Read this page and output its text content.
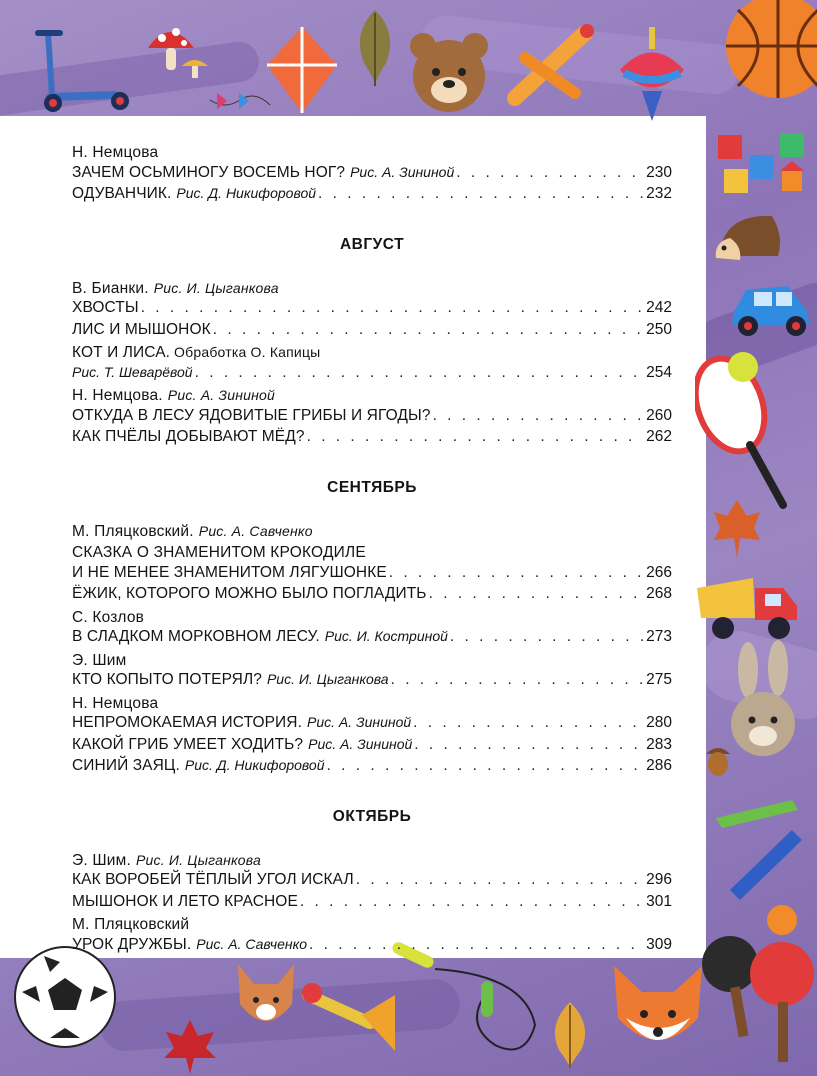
Н. Немцова
ЗАЧЕМ ОСЬМИНОГУ ВОСЕМЬ НОГ? Рис. А. Зининой . . .	230
ОДУВАНЧИК. Рис. Д. Никифоровой . . .	232
АВГУСТ
В. Бианки. Рис. И. Цыганкова
ХВОСТЫ . . .	242
ЛИС И МЫШОНОК . . .	250
КОТ И ЛИСА. Обработка О. Капицы
Рис. Т. Шеварёвой . . .	254
Н. Немцова. Рис. А. Зининой
ОТКУДА В ЛЕСУ ЯДОВИТЫЕ ГРИБЫ И ЯГОДЫ? . . .	260
КАК ПЧЁЛЫ ДОБЫВАЮТ МЁД? . . .	262
СЕНТЯБРЬ
М. Пляцковский. Рис. А. Савченко
СКАЗКА О ЗНАМЕНИТОМ КРОКОДИЛЕ
И НЕ МЕНЕЕ ЗНАМЕНИТОМ ЛЯГУШОНКЕ . . .	266
ЁЖИК, КОТОРОГО МОЖНО БЫЛО ПОГЛАДИТЬ . . .	268
С. Козлов
В СЛАДКОМ МОРКОВНОМ ЛЕСУ. Рис. И. Костриной . . .	273
Э. Шим
КТО КОПЫТО ПОТЕРЯЛ? Рис. И. Цыганкова . . .	275
Н. Немцова
НЕПРОМОКАЕМАЯ ИСТОРИЯ. Рис. А. Зининой . . .	280
КАКОЙ ГРИБ УМЕЕТ ХОДИТЬ? Рис. А. Зининой . . .	283
СИНИЙ ЗАЯЦ. Рис. Д. Никифоровой . . .	286
ОКТЯБРЬ
Э. Шим. Рис. И. Цыганкова
КАК ВОРОБЕЙ ТЁПЛЫЙ УГОЛ ИСКАЛ . . .	296
МЫШОНОК И ЛЕТО КРАСНОЕ . . .	301
М. Пляцковский
УРОК ДРУЖБЫ. Рис. А. Савченко . . .	309
